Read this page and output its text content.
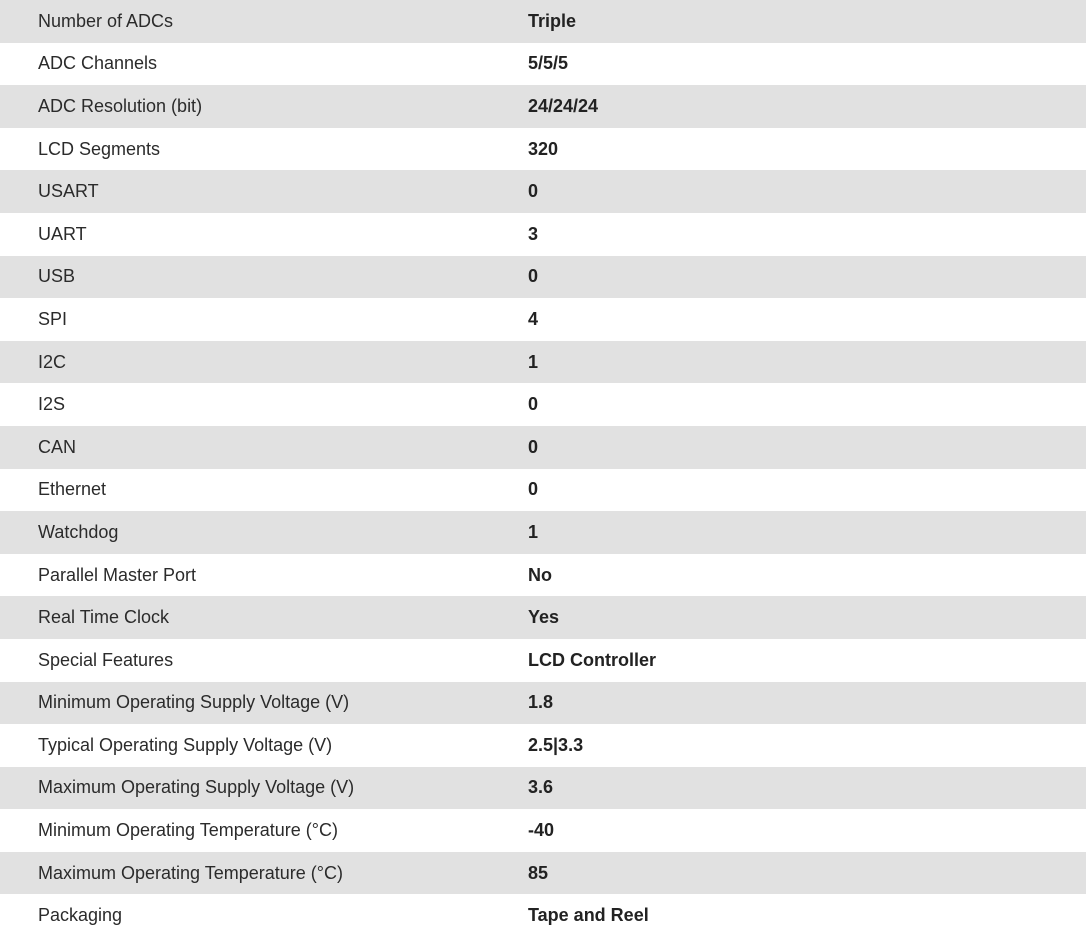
Number of ADCs	Triple
ADC Channels	5/5/5
ADC Resolution (bit)	24/24/24
LCD Segments	320
USART	0
UART	3
USB	0
SPI	4
I2C	1
I2S	0
CAN	0
Ethernet	0
Watchdog	1
Parallel Master Port	No
Real Time Clock	Yes
Special Features	LCD Controller
Minimum Operating Supply Voltage (V)	1.8
Typical Operating Supply Voltage (V)	2.5|3.3
Maximum Operating Supply Voltage (V)	3.6
Minimum Operating Temperature (°C)	-40
Maximum Operating Temperature (°C)	85
Packaging	Tape and Reel
